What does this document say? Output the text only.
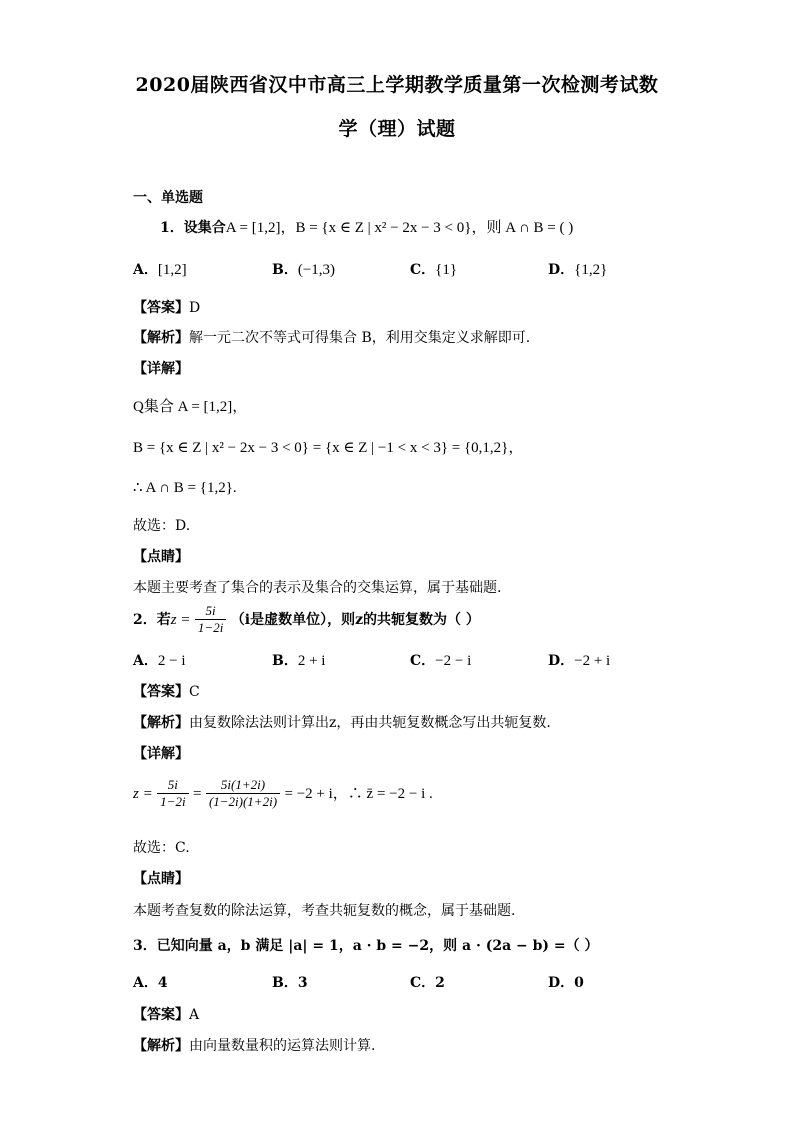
2020届陕西省汉中市高三上学期教学质量第一次检测考试数
学（理）试题
一、单选题
1．设集合A = [1,2]，B = {x ∈ Z | x² − 2x − 3 < 0}，则 A ∩ B = ( )
A．[1,2]	B．(−1,3)	C．{1}	D．{1,2}
【答案】D
【解析】解一元二次不等式可得集合 B，利用交集定义求解即可.
【详解】
Q集合 A = [1,2]，
B = {x ∈ Z | x² − 2x − 3 < 0} = {x ∈ Z | −1 < x < 3} = {0,1,2}，
∴ A ∩ B = {1,2}.
故选：D.
【点睛】
本题主要考查了集合的表示及集合的交集运算，属于基础题.
2．若$z = \frac{5i}{1-2i} (i$是虚数单位），则z的共轭复数为（ ）
A．2 − i	B．2 + i	C．−2 − i	D．−2 + i
【答案】C
【解析】由复数除法法则计算出z，再由共轭复数概念写出共轭复数.
【详解】
$z = \frac{5i}{1-2i} = \frac{5i(1+2i)}{(1-2i)(1+2i)} = -2 + i$，∴ z̄ = −2 − i .
故选：C.
【点睛】
本题考查复数的除法运算，考查共轭复数的概念，属于基础题.
3．已知向量 a，b 满足 |a| = 1，a · b = −2，则 a · (2a − b) =（ ）
A．4	B．3	C．2	D．0
【答案】A
【解析】由向量数量积的运算法则计算.
